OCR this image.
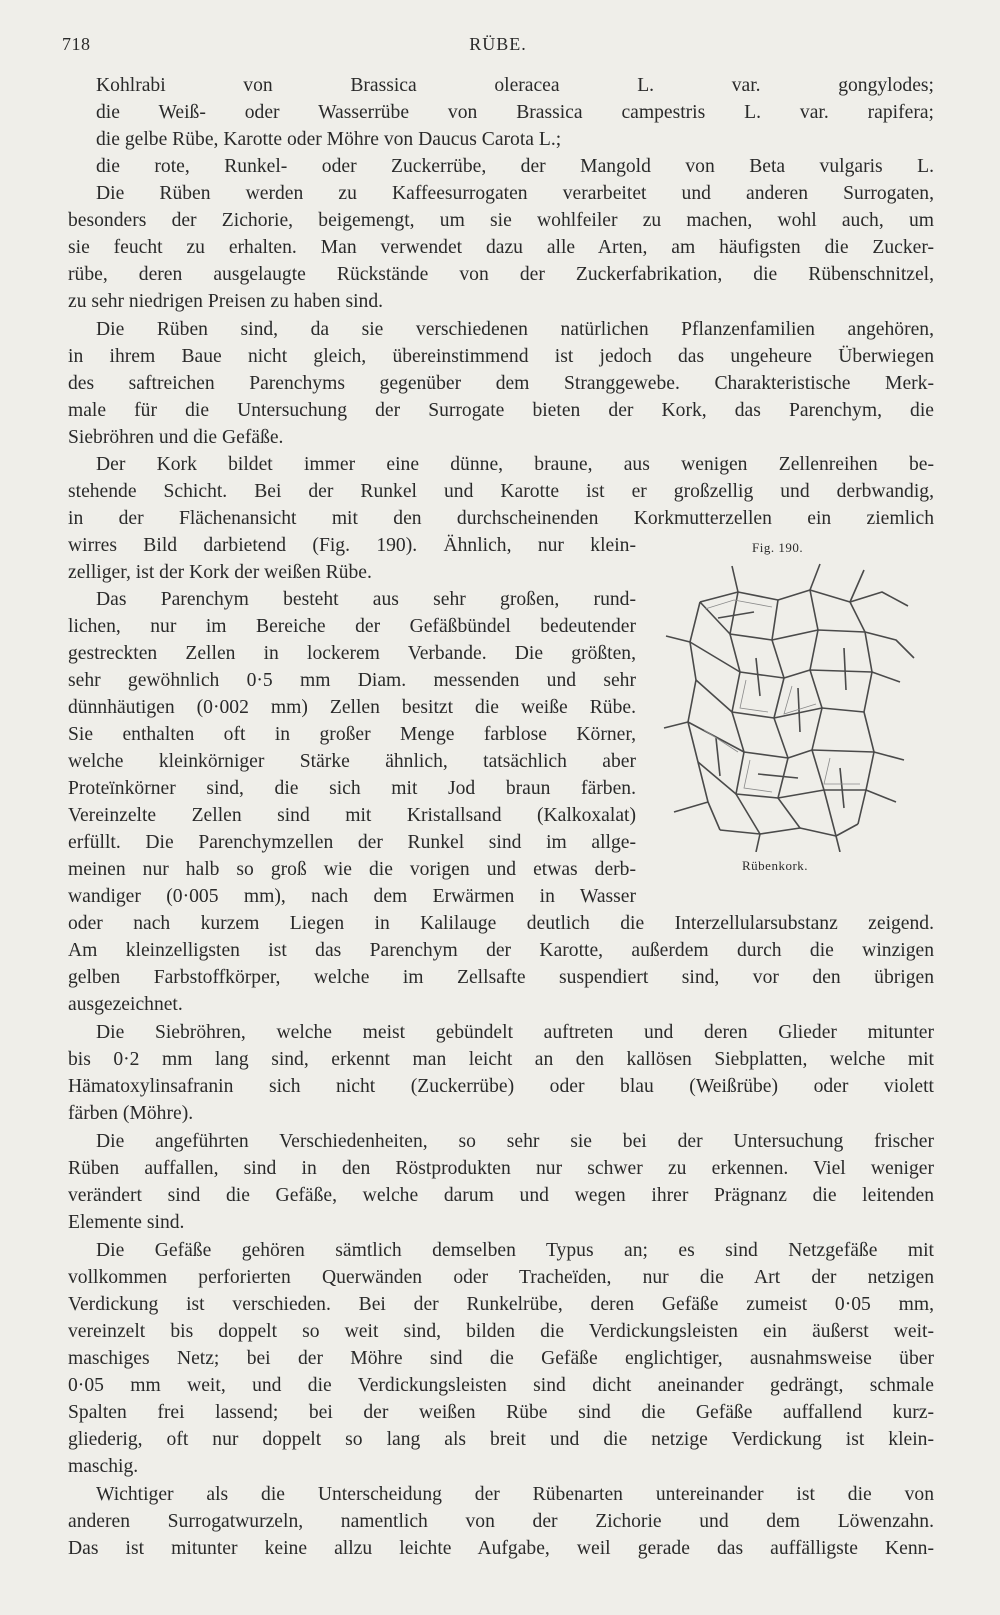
718	RÜBE.
Kohlrabi von Brassica oleracea L. var. gongylodes;
die Weiß- oder Wasserrübe von Brassica campestris L. var. rapifera;
die gelbe Rübe, Karotte oder Möhre von Daucus Carota L.;
die rote, Runkel- oder Zuckerrübe, der Mangold von Beta vulgaris L.
Die Rüben werden zu Kaffeesurrogaten verarbeitet und anderen Surrogaten,
besonders der Zichorie, beigemengt, um sie wohlfeiler zu machen, wohl auch, um
sie feucht zu erhalten. Man verwendet dazu alle Arten, am häufigsten die Zucker-
rübe, deren ausgelaugte Rückstände von der Zuckerfabrikation, die Rübenschnitzel,
zu sehr niedrigen Preisen zu haben sind.
Die Rüben sind, da sie verschiedenen natürlichen Pflanzenfamilien angehören,
in ihrem Baue nicht gleich, übereinstimmend ist jedoch das ungeheure Überwiegen
des saftreichen Parenchyms gegenüber dem Stranggewebe. Charakteristische Merk-
male für die Untersuchung der Surrogate bieten der Kork, das Parenchym, die
Siebröhren und die Gefäße.
Der Kork bildet immer eine dünne, braune, aus wenigen Zellenreihen be-
stehende Schicht. Bei der Runkel und Karotte ist er großzellig und derbwandig,
in der Flächenansicht mit den durchscheinenden Korkmutterzellen ein ziemlich
wirres Bild darbietend (Fig. 190). Ähnlich, nur klein-
zelliger, ist der Kork der weißen Rübe.
Das Parenchym besteht aus sehr großen, rund-
lichen, nur im Bereiche der Gefäßbündel bedeutender
gestreckten Zellen in lockerem Verbande. Die größten,
sehr gewöhnlich 0·5 mm Diam. messenden und sehr
dünnhäutigen (0·002 mm) Zellen besitzt die weiße Rübe.
Sie enthalten oft in großer Menge farblose Körner,
welche kleinkörniger Stärke ähnlich, tatsächlich aber
Proteïnkörner sind, die sich mit Jod braun färben.
Vereinzelte Zellen sind mit Kristallsand (Kalkoxalat)
erfüllt. Die Parenchymzellen der Runkel sind im allge-
meinen nur halb so groß wie die vorigen und etwas derb-
wandiger (0·005 mm), nach dem Erwärmen in Wasser
oder nach kurzem Liegen in Kalilauge deutlich die Interzellularsubstanz zeigend.
Am kleinzelligsten ist das Parenchym der Karotte, außerdem durch die winzigen
gelben Farbstoffkörper, welche im Zellsafte suspendiert sind, vor den übrigen
ausgezeichnet.
Die Siebröhren, welche meist gebündelt auftreten und deren Glieder mitunter
bis 0·2 mm lang sind, erkennt man leicht an den kallösen Siebplatten, welche mit
Hämatoxylinsafranin sich nicht (Zuckerrübe) oder blau (Weißrübe) oder violett
färben (Möhre).
Die angeführten Verschiedenheiten, so sehr sie bei der Untersuchung frischer
Rüben auffallen, sind in den Röstprodukten nur schwer zu erkennen. Viel weniger
verändert sind die Gefäße, welche darum und wegen ihrer Prägnanz die leitenden
Elemente sind.
Die Gefäße gehören sämtlich demselben Typus an; es sind Netzgefäße mit
vollkommen perforierten Querwänden oder Tracheïden, nur die Art der netzigen
Verdickung ist verschieden. Bei der Runkelrübe, deren Gefäße zumeist 0·05 mm,
vereinzelt bis doppelt so weit sind, bilden die Verdickungsleisten ein äußerst weit-
maschiges Netz; bei der Möhre sind die Gefäße englichtiger, ausnahmsweise über
0·05 mm weit, und die Verdickungsleisten sind dicht aneinander gedrängt, schmale
Spalten frei lassend; bei der weißen Rübe sind die Gefäße auffallend kurz-
gliederig, oft nur doppelt so lang als breit und die netzige Verdickung ist klein-
maschig.
Wichtiger als die Unterscheidung der Rübenarten untereinander ist die von
anderen Surrogatwurzeln, namentlich von der Zichorie und dem Löwenzahn.
Das ist mitunter keine allzu leichte Aufgabe, weil gerade das auffälligste Kenn-
Fig. 190.
Rübenkork.
